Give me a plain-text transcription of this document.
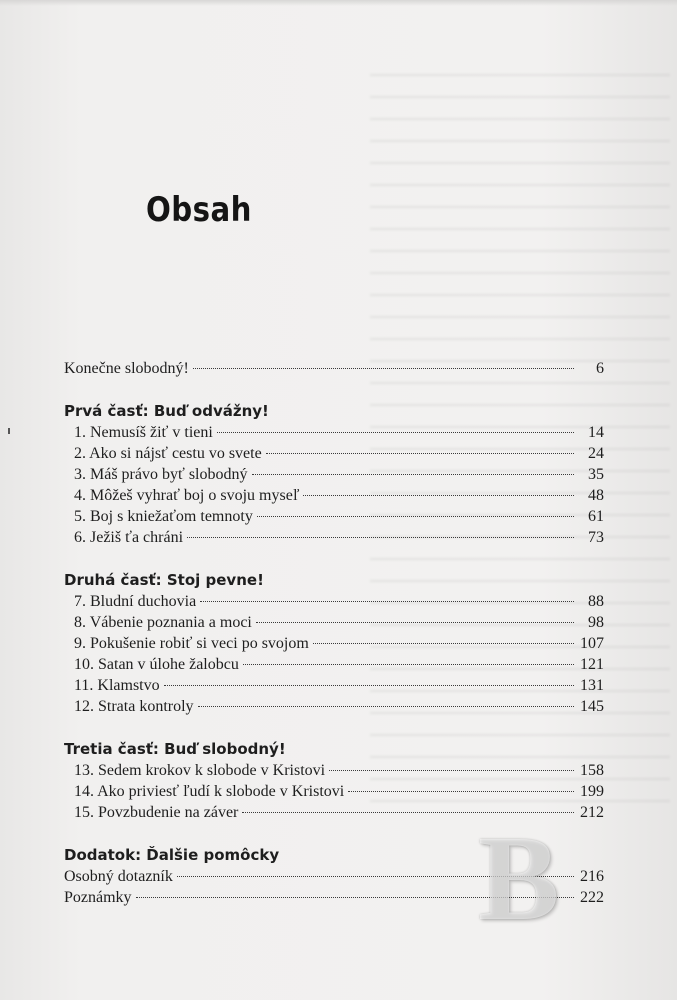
Obsah
Konečne slobodný!	6
Prvá časť: Buď odvážny!
1. Nemusíš žiť v tieni	14
2. Ako si nájsť cestu vo svete	24
3. Máš právo byť slobodný	35
4. Môžeš vyhrať boj o svoju myseľ	48
5. Boj s kniežaťom temnoty	61
6. Ježiš ťa chráni	73
Druhá časť: Stoj pevne!
7. Bludní duchovia	88
8. Vábenie poznania a moci	98
9. Pokušenie robiť si veci po svojom	107
10. Satan v úlohe žalobcu	121
11. Klamstvo	131
12. Strata kontroly	145
Tretia časť: Buď slobodný!
13. Sedem krokov k slobode v Kristovi	158
14. Ako priviesť ľudí k slobode v Kristovi	199
15. Povzbudenie na záver	212
Dodatok: Ďalšie pomôcky
Osobný dotazník	216
Poznámky	222
B
